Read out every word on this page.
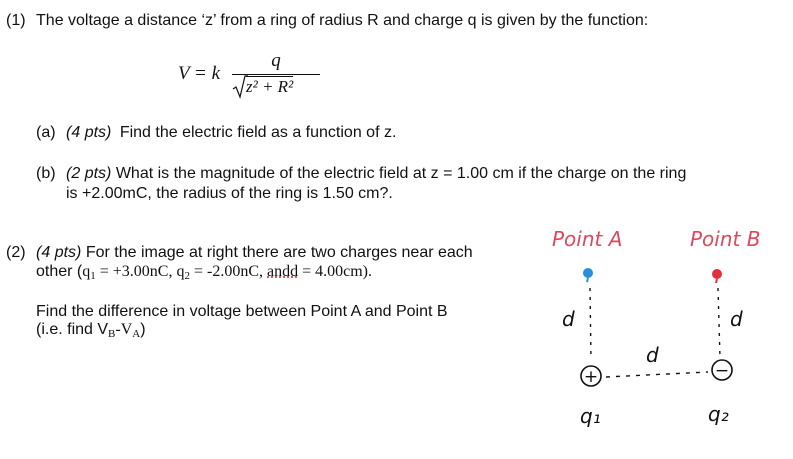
(1) The voltage a distance ‘z’ from a ring of radius R and charge q is given by the function:
V = k
q
z² + R²
(a) (4 pts) Find the electric field as a function of z.
(b) (2 pts) What is the magnitude of the electric field at z = 1.00 cm if the charge on the ring
is +2.00mC, the radius of the ring is 1.50 cm?.
(2) (4 pts) For the image at right there are two charges near each
other ($q_1 = +3.00nC$, $q_2 = -2.00nC$, andd = 4.00cm).
Find the difference in voltage between Point A and Point B
(i.e. find $V_B-V_A$)
Point A	Point B
d	d
d
+	−
q₁	q₂
